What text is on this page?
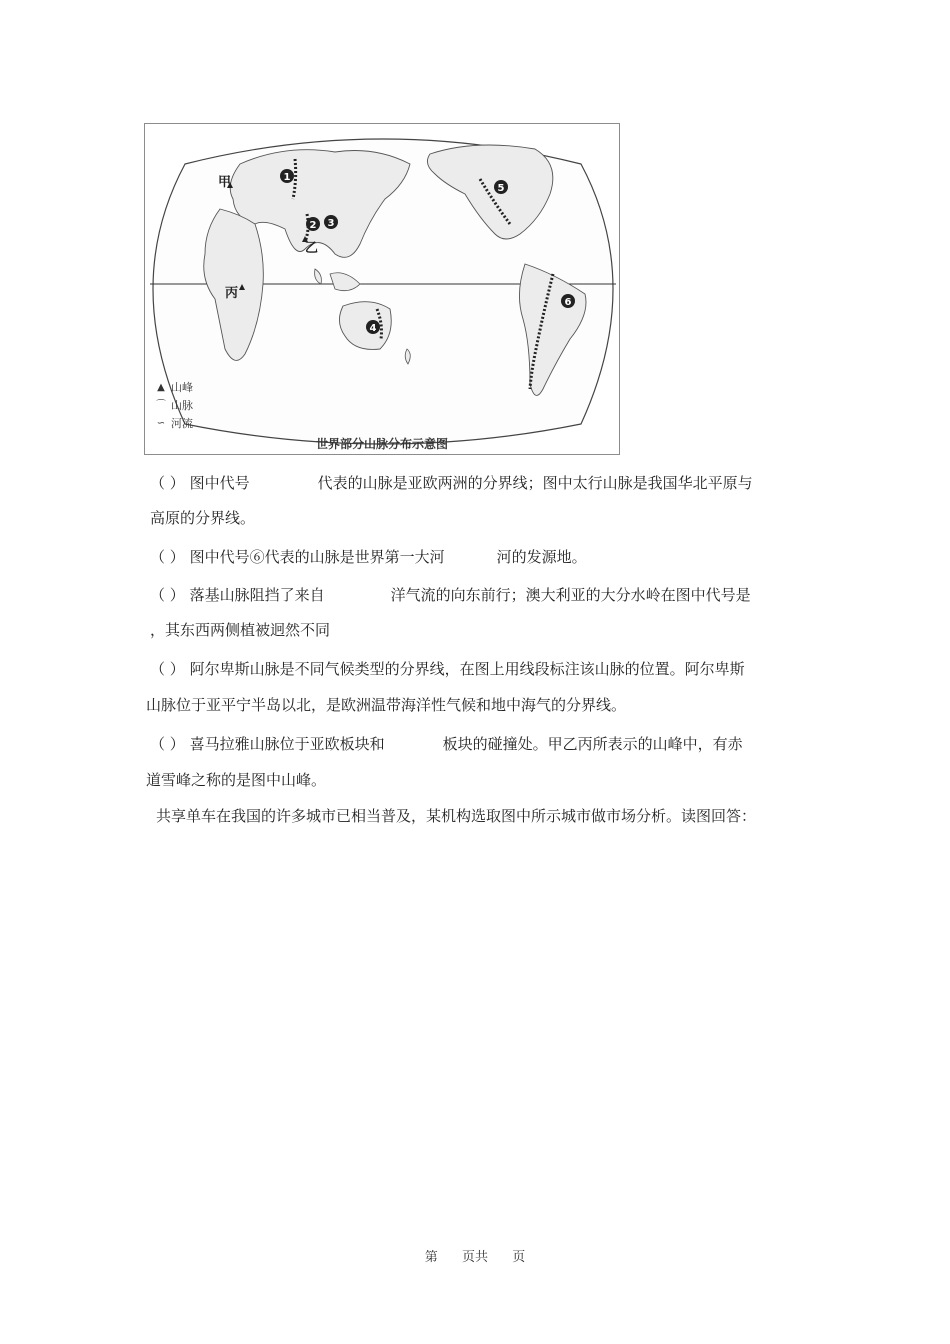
1
2 3
4
5
6
甲
乙
丙
▲ 山峰
⌒ 山脉
∽ 河流
世界部分山脉分布示意图
（ ） 图中代号	代表的山脉是亚欧两洲的分界线；图中太行山脉是我国华北平原与
高原的分界线。
（ ） 图中代号⑥代表的山脉是世界第一大河	河的发源地。
（ ） 落基山脉阻挡了来自	洋气流的向东前行；澳大利亚的大分水岭在图中代号是
，其东西两侧植被迥然不同
（ ） 阿尔卑斯山脉是不同气候类型的分界线，在图上用线段标注该山脉的位置。阿尔卑斯
山脉位于亚平宁半岛以北，是欧洲温带海洋性气候和地中海气的分界线。
（ ） 喜马拉雅山脉位于亚欧板块和	板块的碰撞处。甲乙丙所表示的山峰中，有赤
道雪峰之称的是图中山峰。
共享单车在我国的许多城市已相当普及，某机构选取图中所示城市做市场分析。读图回答：
第 页共 页
